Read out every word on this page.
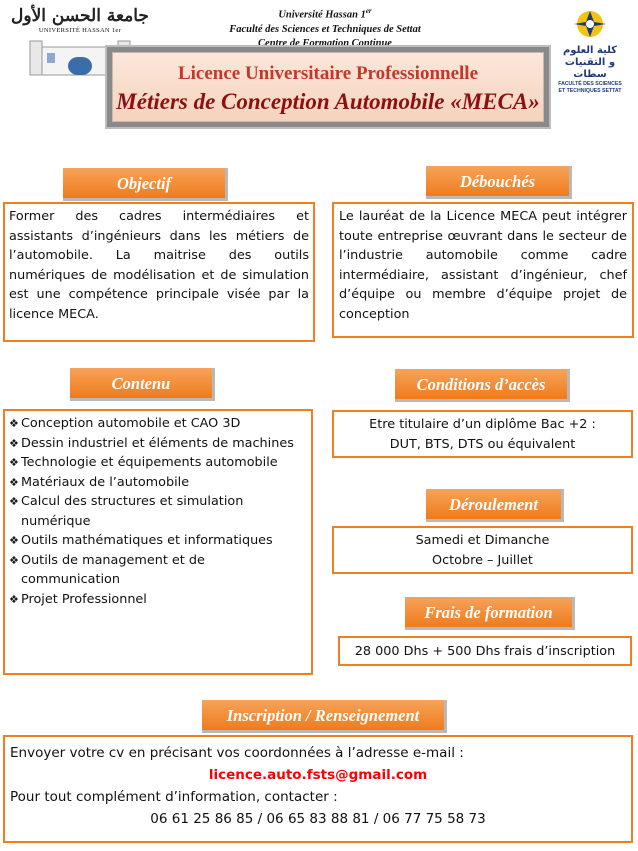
جامعة الحسن الأول
UNIVERSITÉ HASSAN 1er
Université Hassan 1er
Faculté des Sciences et Techniques de Settat
Centre de Formation Continue
كلية العلوم
و التقنيات سطات
FACULTÉ DES SCIENCES
ET TECHNIQUES SETTAT
Licence Universitaire Professionnelle
Métiers de Conception Automobile «MECA»
Objectif
Former des cadres intermédiaires et assistants d’ingénieurs dans les métiers de l’automobile. La maitrise des outils numériques de modélisation et de simulation est une compétence principale visée par la licence MECA.
Débouchés
Le lauréat de la Licence MECA peut intégrer toute entreprise œuvrant dans le secteur de l’industrie automobile comme cadre intermédiaire, assistant d’ingénieur, chef d’équipe ou membre d’équipe projet de conception
Contenu
❖ Conception automobile et CAO 3D
❖ Dessin industriel et éléments de machines
❖ Technologie et équipements automobile
❖ Matériaux de l’automobile
❖ Calcul des structures et simulation numérique
❖ Outils mathématiques et informatiques
❖ Outils de management et de communication
❖ Projet Professionnel
Conditions d’accès
Etre titulaire d’un diplôme Bac +2 :
DUT, BTS, DTS ou équivalent
Déroulement
Samedi et Dimanche
Octobre – Juillet
Frais de formation
28 000 Dhs + 500 Dhs frais d’inscription
Inscription / Renseignement
Envoyer votre cv en précisant vos coordonnées à l’adresse e-mail :
licence.auto.fsts@gmail.com
Pour tout complément d’information, contacter :
06 61 25 86 85 / 06 65 83 88 81 / 06 77 75 58 73
